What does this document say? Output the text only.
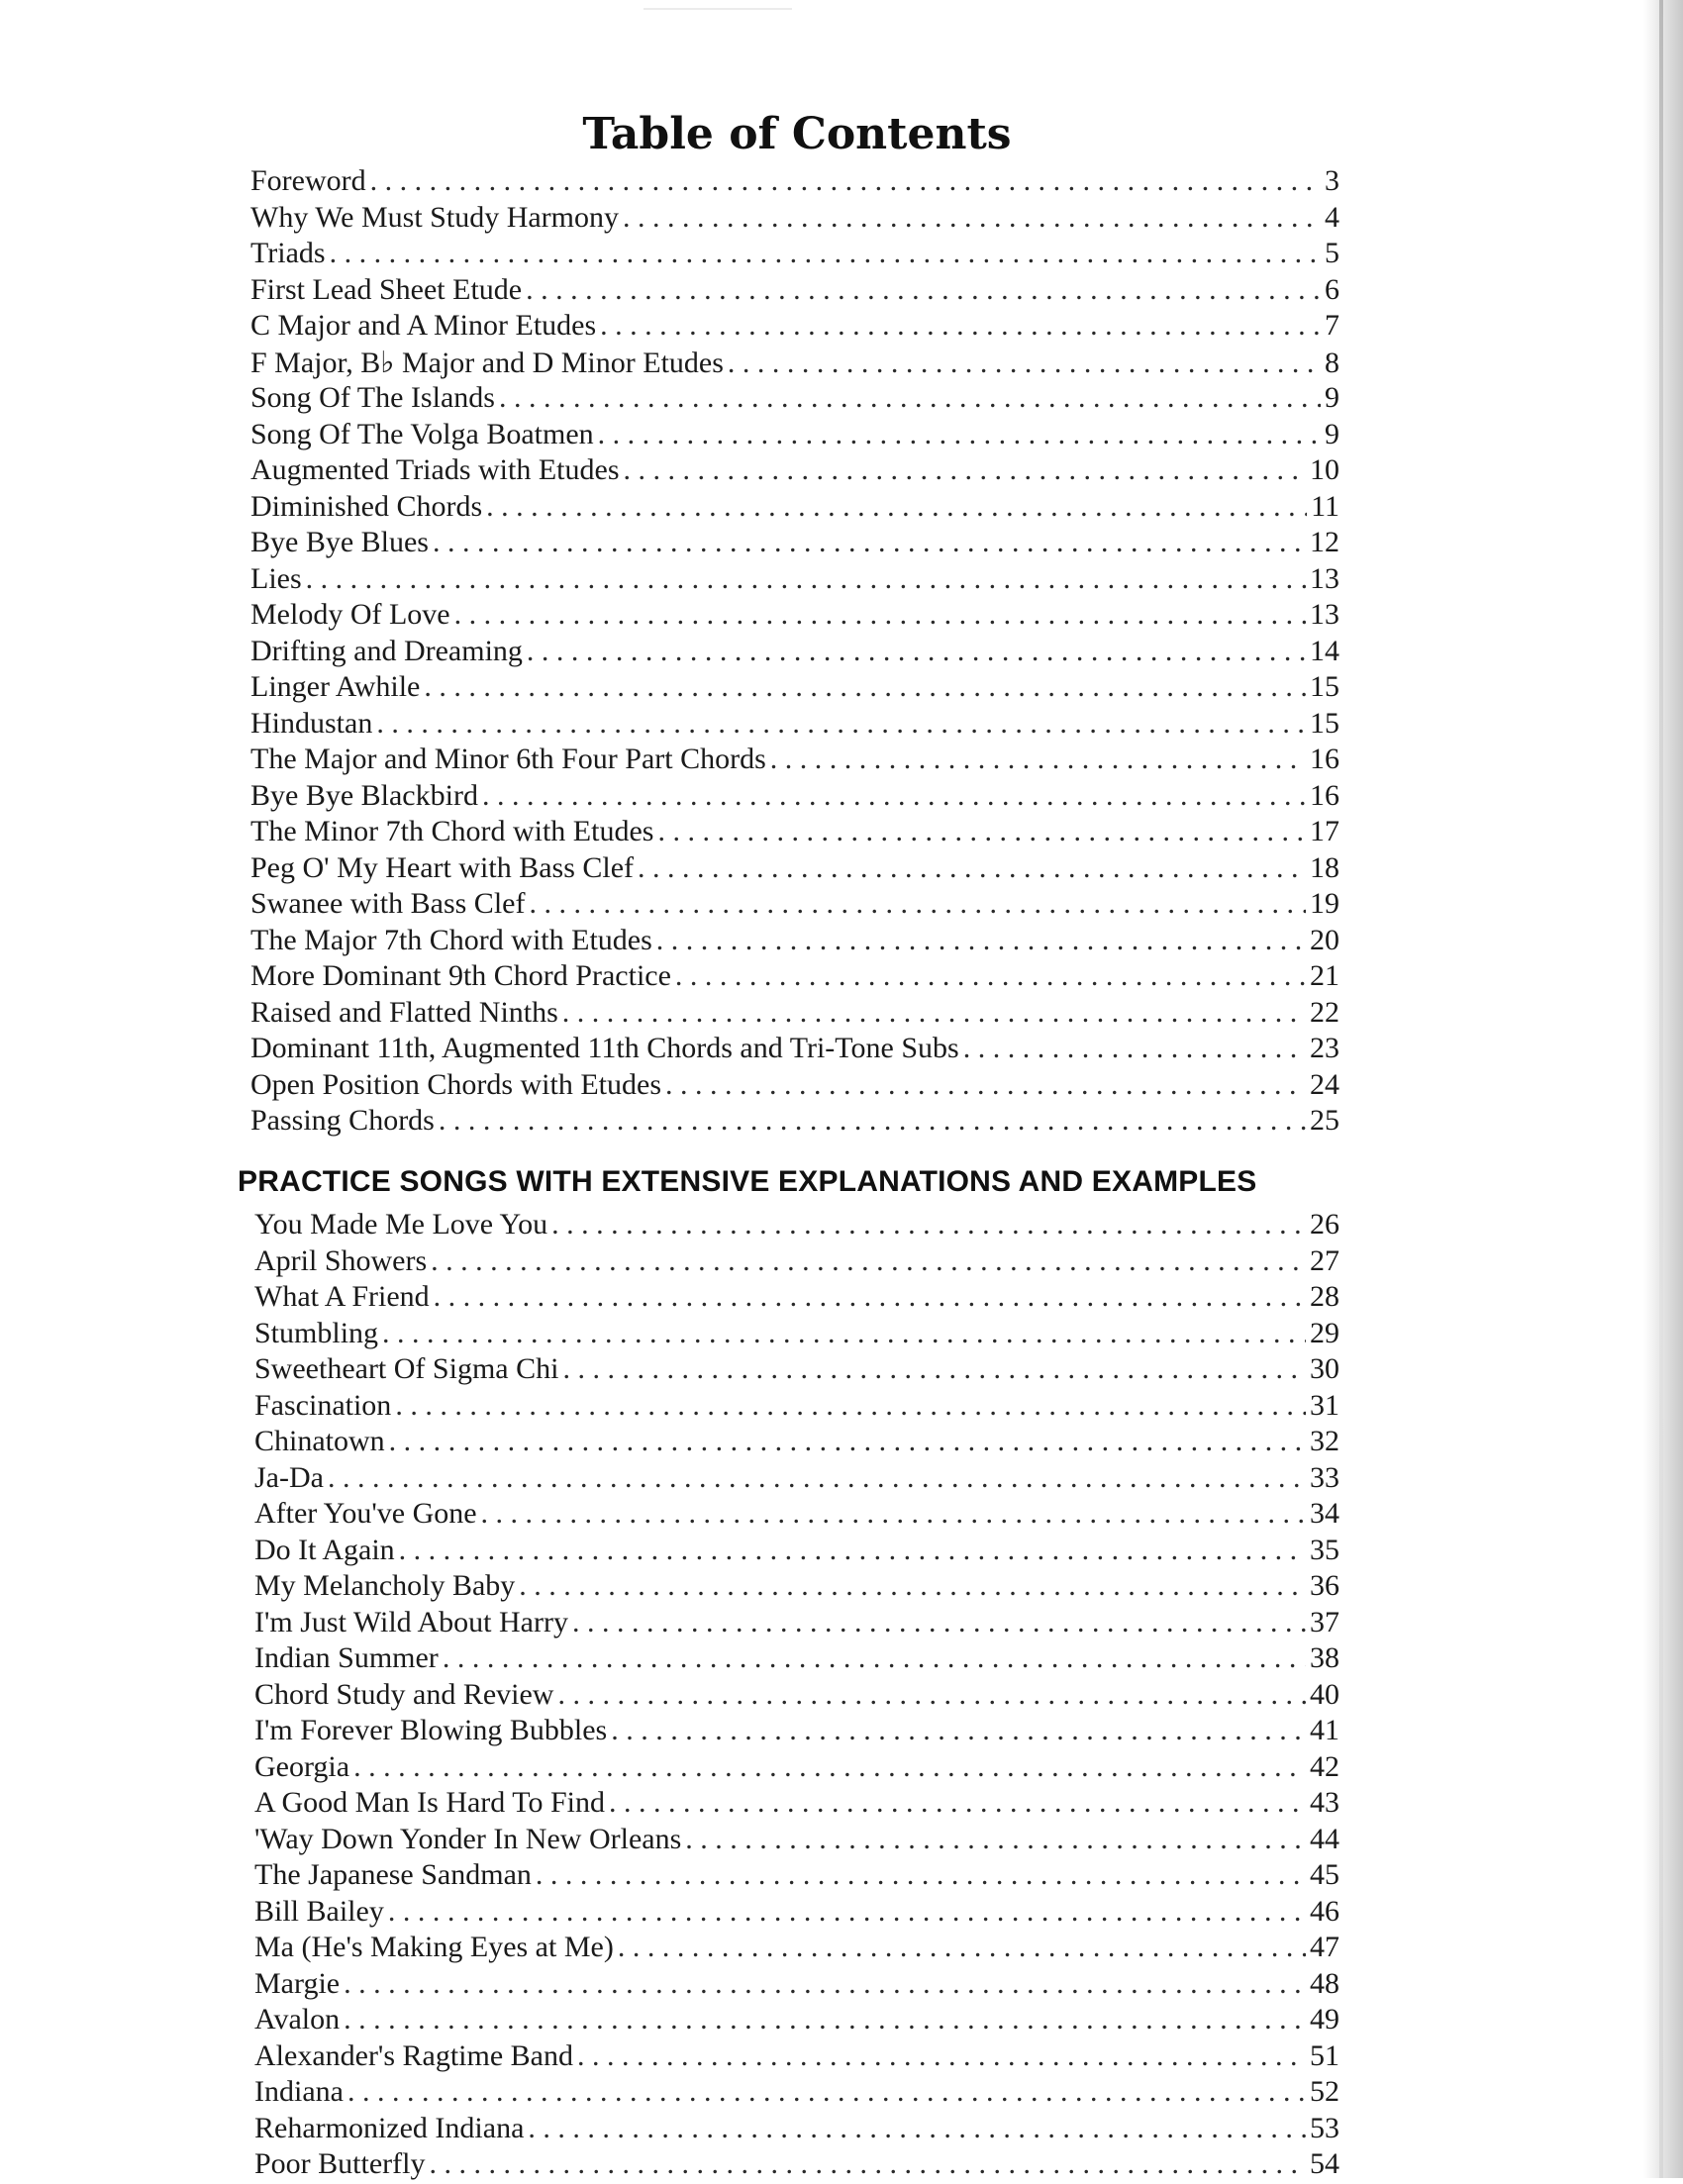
Table of Contents
Foreword . . .	3
Why We Must Study Harmony . . .	4
Triads . . .	5
First Lead Sheet Etude . . .	6
C Major and A Minor Etudes . . .	7
F Major, B♭ Major and D Minor Etudes . . .	8
Song Of The Islands . . .	9
Song Of The Volga Boatmen . . .	9
Augmented Triads with Etudes . . .	10
Diminished Chords . . .	11
Bye Bye Blues . . .	12
Lies . . .	13
Melody Of Love . . .	13
Drifting and Dreaming . . .	14
Linger Awhile . . .	15
Hindustan . . .	15
The Major and Minor 6th Four Part Chords . . .	16
Bye Bye Blackbird . . .	16
The Minor 7th Chord with Etudes . . .	17
Peg O' My Heart with Bass Clef . . .	18
Swanee with Bass Clef . . .	19
The Major 7th Chord with Etudes . . .	20
More Dominant 9th Chord Practice . . .	21
Raised and Flatted Ninths . . .	22
Dominant 11th, Augmented 11th Chords and Tri-Tone Subs . . .	23
Open Position Chords with Etudes . . .	24
Passing Chords . . .	25
PRACTICE SONGS WITH EXTENSIVE EXPLANATIONS AND EXAMPLES
You Made Me Love You . . .	26
April Showers . . .	27
What A Friend . . .	28
Stumbling . . .	29
Sweetheart Of Sigma Chi . . .	30
Fascination . . .	31
Chinatown . . .	32
Ja-Da . . .	33
After You've Gone . . .	34
Do It Again . . .	35
My Melancholy Baby . . .	36
I'm Just Wild About Harry . . .	37
Indian Summer . . .	38
Chord Study and Review . . .	40
I'm Forever Blowing Bubbles . . .	41
Georgia . . .	42
A Good Man Is Hard To Find . . .	43
'Way Down Yonder In New Orleans . . .	44
The Japanese Sandman . . .	45
Bill Bailey . . .	46
Ma (He's Making Eyes at Me) . . .	47
Margie . . .	48
Avalon . . .	49
Alexander's Ragtime Band . . .	51
Indiana . . .	52
Reharmonized Indiana . . .	53
Poor Butterfly . . .	54
